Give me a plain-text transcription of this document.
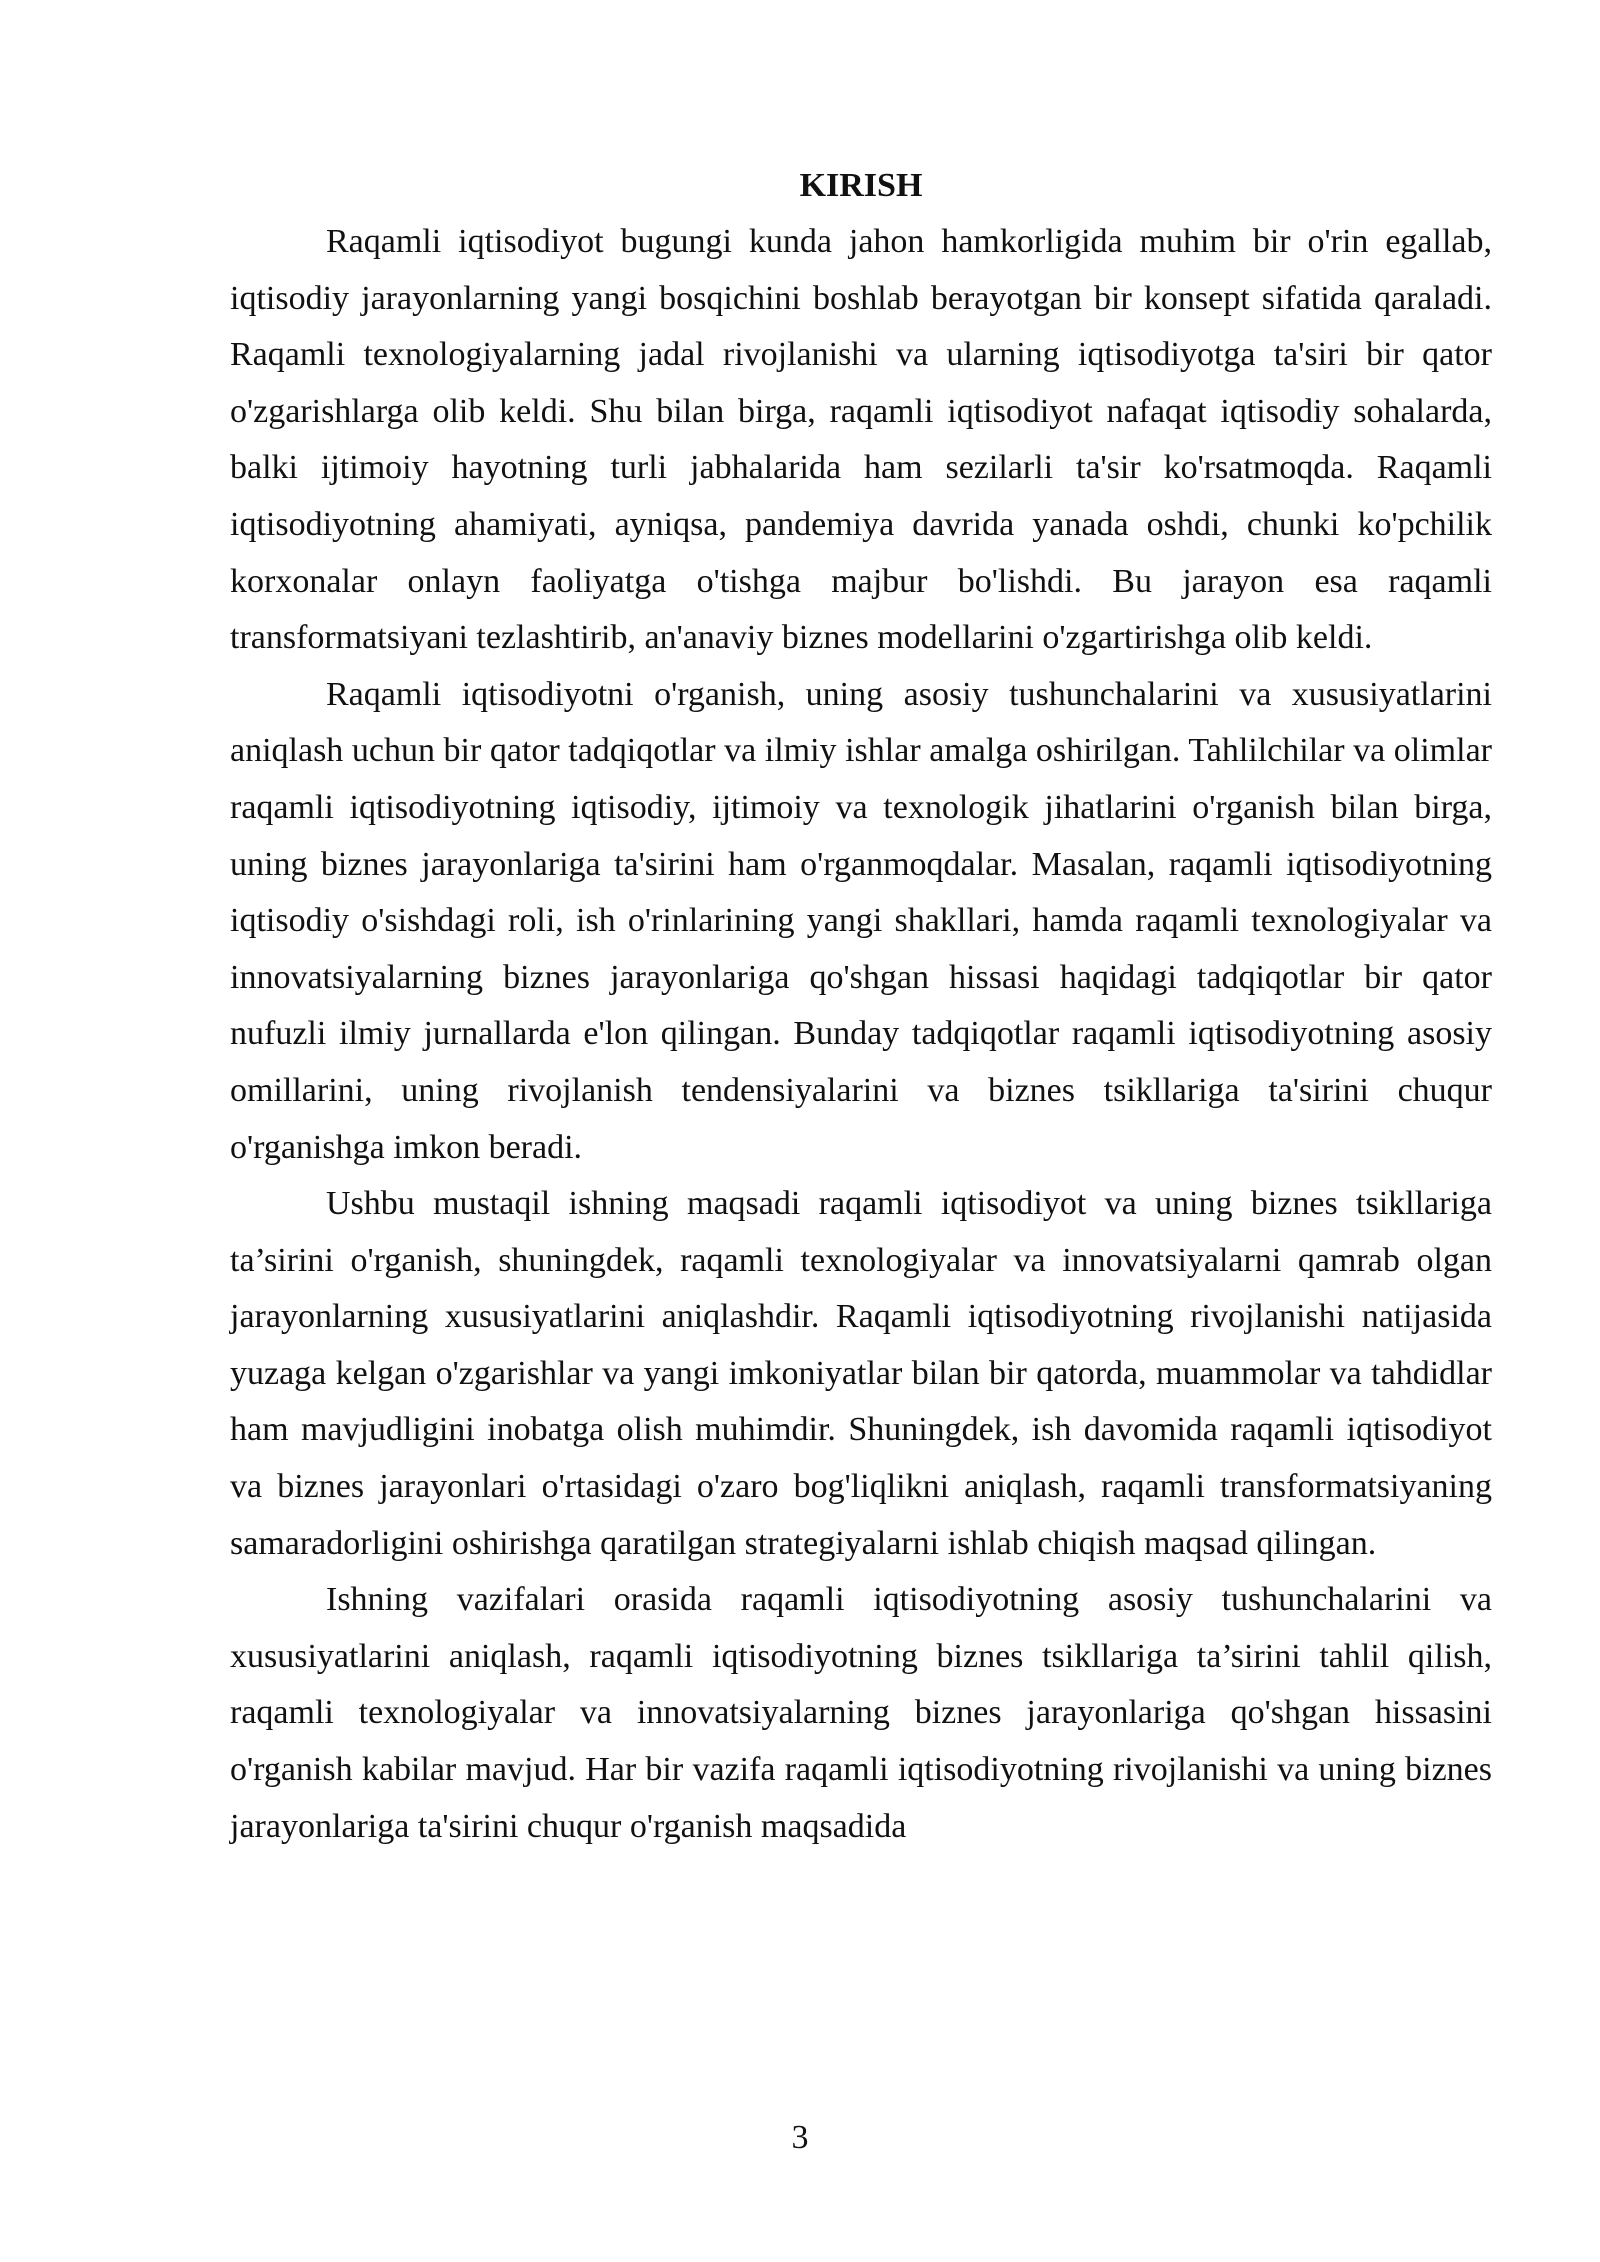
KIRISH

Raqamli iqtisodiyot bugungi kunda jahon hamkorligida muhim bir o'rin egallab, iqtisodiy jarayonlarning yangi bosqichini boshlab berayotgan bir konsept sifatida qaraladi. Raqamli texnologiyalarning jadal rivojlanishi va ularning iqtisodiyotga ta'siri bir qator o'zgarishlarga olib keldi. Shu bilan birga, raqamli iqtisodiyot nafaqat iqtisodiy sohalarda, balki ijtimoiy hayotning turli jabhalarida ham sezilarli ta'sir ko'rsatmoqda. Raqamli iqtisodiyotning ahamiyati, ayniqsa, pandemiya davrida yanada oshdi, chunki ko'pchilik korxonalar onlayn faoliyatga o'tishga majbur bo'lishdi. Bu jarayon esa raqamli transformatsiyani tezlashtirib, an'anaviy biznes modellarini o'zgartirishga olib keldi.

Raqamli iqtisodiyotni o'rganish, uning asosiy tushunchalarini va xususiyatlarini aniqlash uchun bir qator tadqiqotlar va ilmiy ishlar amalga oshirilgan. Tahlilchilar va olimlar raqamli iqtisodiyotning iqtisodiy, ijtimoiy va texnologik jihatlarini o'rganish bilan birga, uning biznes jarayonlariga ta'sirini ham o'rganmoqdalar. Masalan, raqamli iqtisodiyotning iqtisodiy o'sishdagi roli, ish o'rinlarining yangi shakllari, hamda raqamli texnologiyalar va innovatsiyalarning biznes jarayonlariga qo'shgan hissasi haqidagi tadqiqotlar bir qator nufuzli ilmiy jurnallarda e'lon qilingan. Bunday tadqiqotlar raqamli iqtisodiyotning asosiy omillarini, uning rivojlanish tendensiyalarini va biznes tsikllariga ta'sirini chuqur o'rganishga imkon beradi.

Ushbu mustaqil ishning maqsadi raqamli iqtisodiyot va uning biznes tsikllariga ta’sirini o'rganish, shuningdek, raqamli texnologiyalar va innovatsiyalarni qamrab olgan jarayonlarning xususiyatlarini aniqlashdir. Raqamli iqtisodiyotning rivojlanishi natijasida yuzaga kelgan o'zgarishlar va yangi imkoniyatlar bilan bir qatorda, muammolar va tahdidlar ham mavjudligini inobatga olish muhimdir. Shuningdek, ish davomida raqamli iqtisodiyot va biznes jarayonlari o'rtasidagi o'zaro bog'liqlikni aniqlash, raqamli transformatsiyaning samaradorligini oshirishga qaratilgan strategiyalarni ishlab chiqish maqsad qilingan.

Ishning vazifalari orasida raqamli iqtisodiyotning asosiy tushunchalarini va xususiyatlarini aniqlash, raqamli iqtisodiyotning biznes tsikllariga ta’sirini tahlil qilish, raqamli texnologiyalar va innovatsiyalarning biznes jarayonlariga qo'shgan hissasini o'rganish kabilar mavjud. Har bir vazifa raqamli iqtisodiyotning rivojlanishi va uning biznes jarayonlariga ta'sirini chuqur o'rganish maqsadida

3
